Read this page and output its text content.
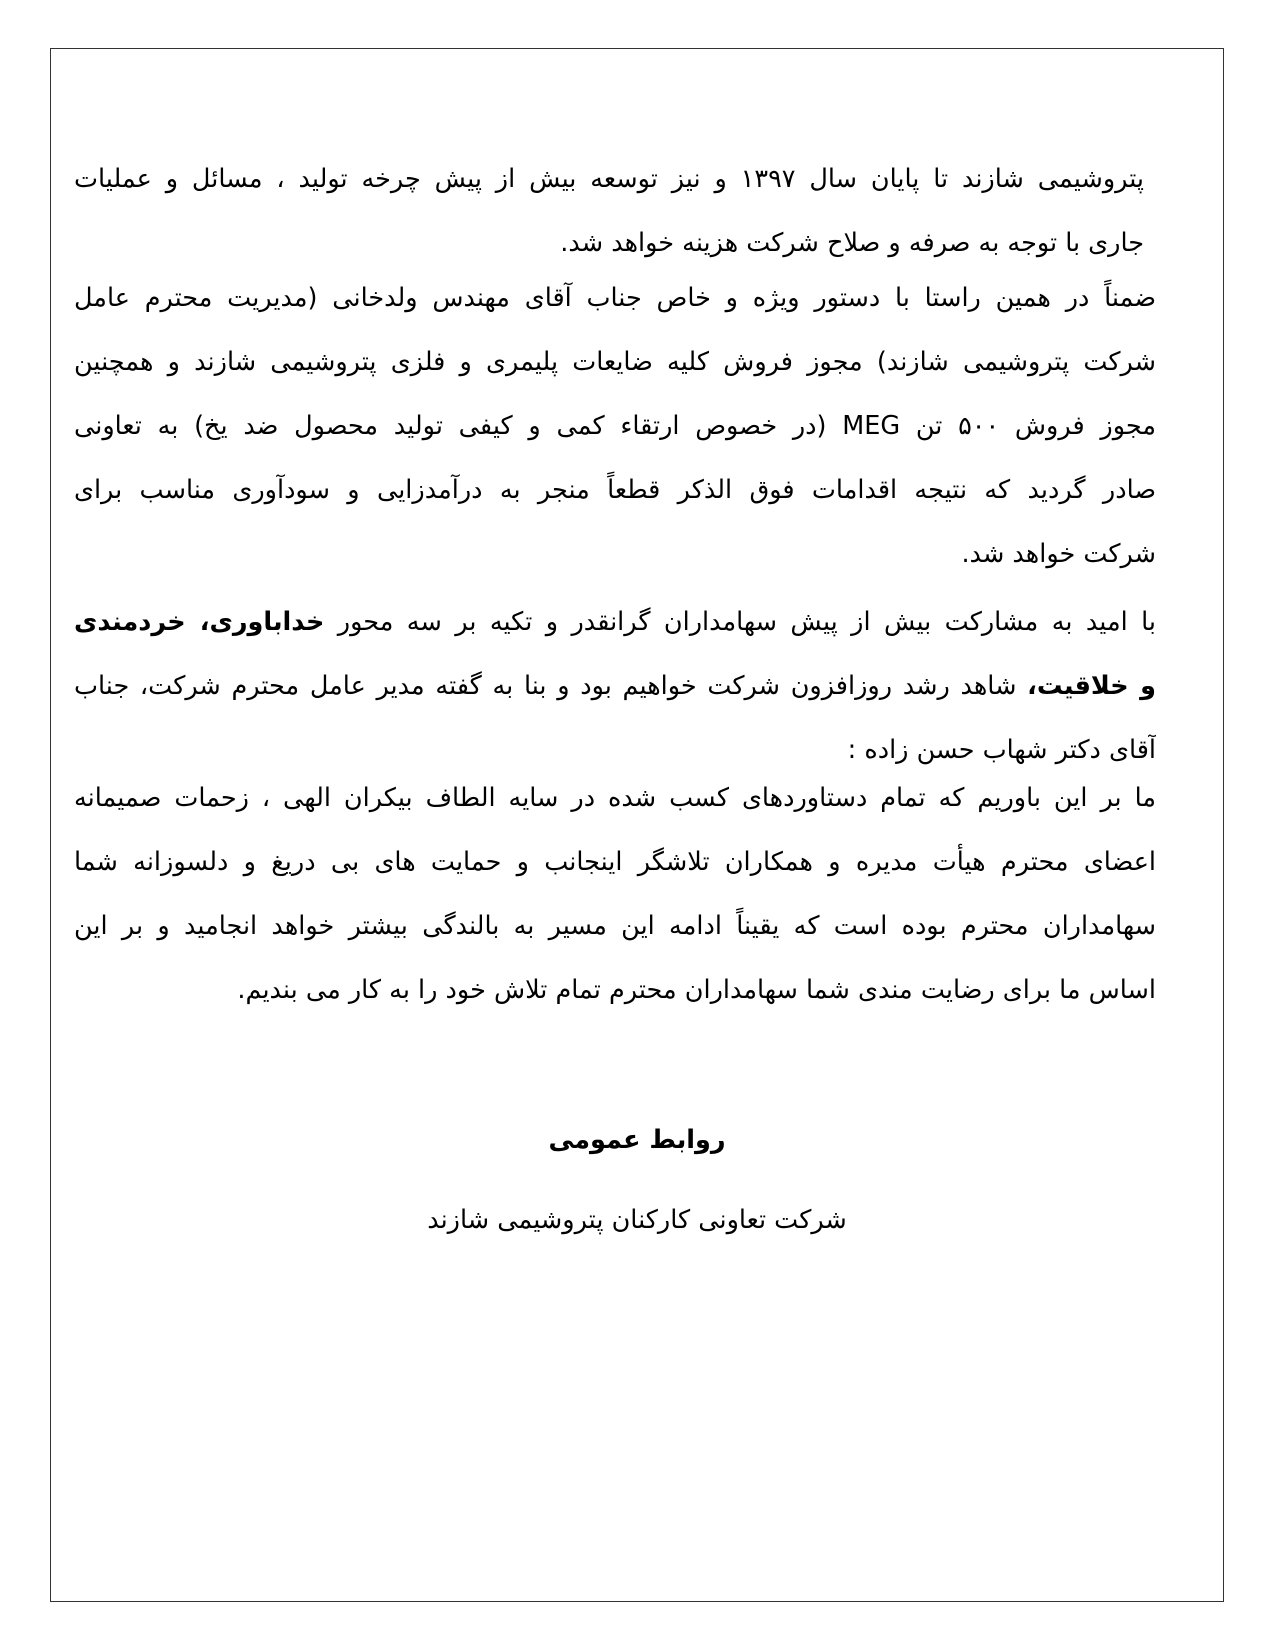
پتروشیمی شازند تا پایان سال ۱۳۹۷ و نیز توسعه بیش از پیش چرخه تولید ، مسائل و عملیات
جاری با توجه به صرفه و صلاح شرکت هزینه خواهد شد.
ضمناً در همین راستا با دستور ویژه و خاص جناب آقای مهندس ولدخانی (مدیریت محترم عامل
شرکت پتروشیمی شازند) مجوز فروش کلیه ضایعات پلیمری و فلزی پتروشیمی شازند و همچنین
مجوز فروش ۵۰۰ تن MEG (در خصوص ارتقاء کمی و کیفی تولید محصول ضد یخ) به تعاونی
صادر گردید که نتیجه اقدامات فوق الذکر قطعاً منجر به درآمدزایی و سودآوری مناسب برای
شرکت خواهد شد.
با امید به مشارکت بیش از پیش سهامداران گرانقدر و تکیه بر سه محور خداباوری، خردمندی
و خلاقیت، شاهد رشد روزافزون شرکت خواهیم بود و بنا به گفته مدیر عامل محترم شرکت، جناب
آقای دکتر شهاب حسن زاده :
ما بر این باوریم که تمام دستاوردهای کسب شده در سایه الطاف بیکران الهی ، زحمات صمیمانه
اعضای محترم هیأت مدیره و همکاران تلاشگر اینجانب و حمایت های بی دریغ و دلسوزانه شما
سهامداران محترم بوده است که یقیناً ادامه این مسیر به بالندگی بیشتر خواهد انجامید و بر این
اساس ما برای رضایت مندی شما سهامداران محترم تمام تلاش خود را به کار می بندیم.
روابط عمومی
شرکت تعاونی کارکنان پتروشیمی شازند
